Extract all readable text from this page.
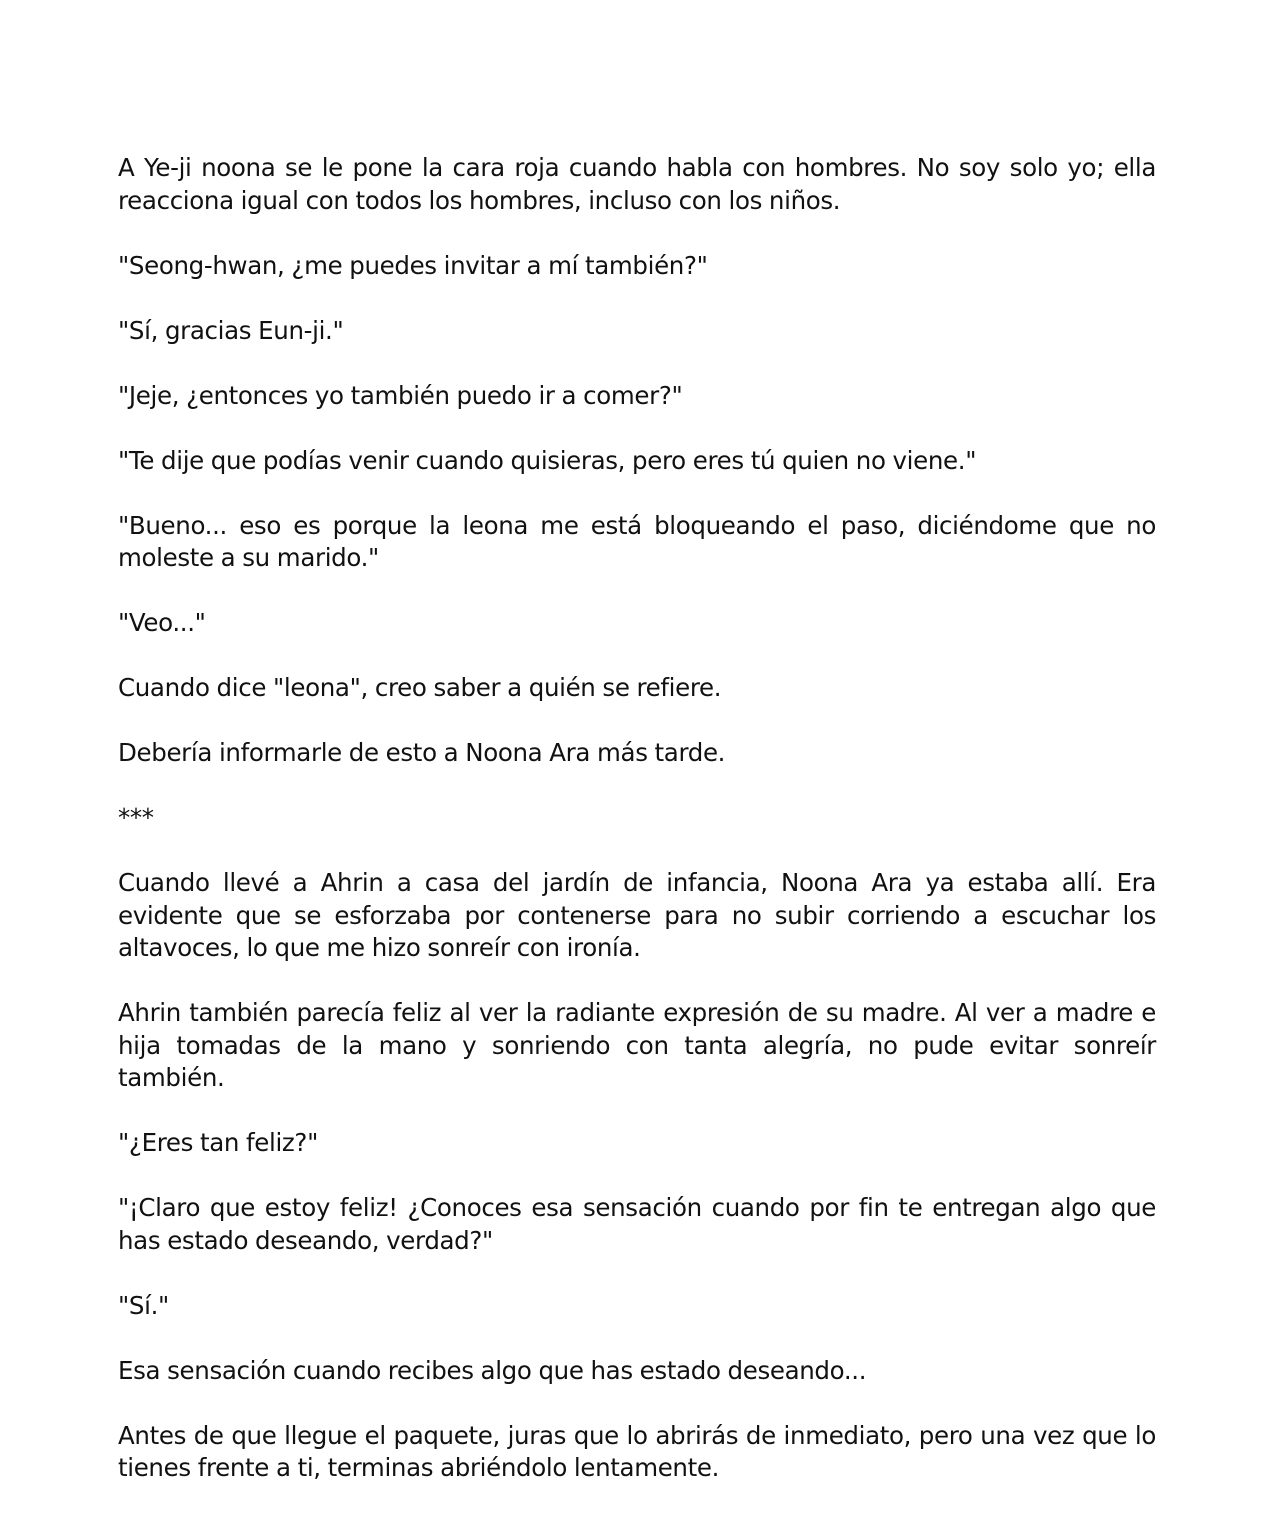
A Ye-ji noona se le pone la cara roja cuando habla con hombres. No soy solo yo; ella reacciona igual con todos los hombres, incluso con los niños.

"Seong-hwan, ¿me puedes invitar a mí también?"

"Sí, gracias Eun-ji."

"Jeje, ¿entonces yo también puedo ir a comer?"

"Te dije que podías venir cuando quisieras, pero eres tú quien no viene."

"Bueno... eso es porque la leona me está bloqueando el paso, diciéndome que no moleste a su marido."

"Veo..."

Cuando dice "leona", creo saber a quién se refiere.

Debería informarle de esto a Noona Ara más tarde.

***

Cuando llevé a Ahrin a casa del jardín de infancia, Noona Ara ya estaba allí. Era evidente que se esforzaba por contenerse para no subir corriendo a escuchar los altavoces, lo que me hizo sonreír con ironía.

Ahrin también parecía feliz al ver la radiante expresión de su madre. Al ver a madre e hija tomadas de la mano y sonriendo con tanta alegría, no pude evitar sonreír también.

"¿Eres tan feliz?"

"¡Claro que estoy feliz! ¿Conoces esa sensación cuando por fin te entregan algo que has estado deseando, verdad?"

"Sí."

Esa sensación cuando recibes algo que has estado deseando...

Antes de que llegue el paquete, juras que lo abrirás de inmediato, pero una vez que lo tienes frente a ti, terminas abriéndolo lentamente.
